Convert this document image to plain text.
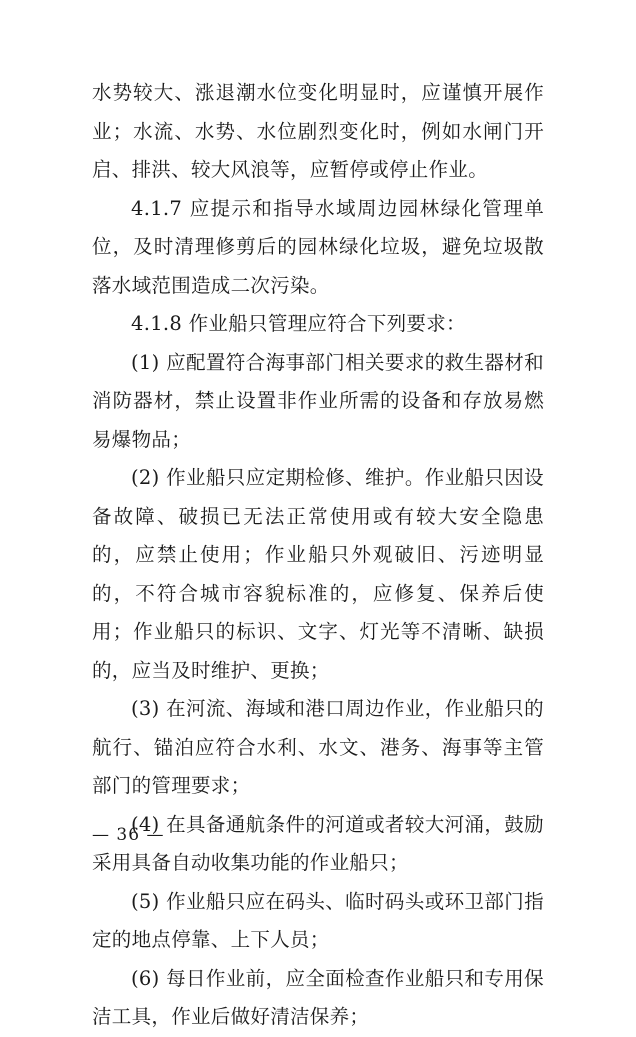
水势较大、涨退潮水位变化明显时，应谨慎开展作业；水流、水势、水位剧烈变化时，例如水闸门开启、排洪、较大风浪等，应暂停或停止作业。

4.1.7 应提示和指导水域周边园林绿化管理单位，及时清理修剪后的园林绿化垃圾，避免垃圾散落水域范围造成二次污染。

4.1.8 作业船只管理应符合下列要求：

(1) 应配置符合海事部门相关要求的救生器材和消防器材，禁止设置非作业所需的设备和存放易燃易爆物品；

(2) 作业船只应定期检修、维护。作业船只因设备故障、破损已无法正常使用或有较大安全隐患的，应禁止使用；作业船只外观破旧、污迹明显的，不符合城市容貌标准的，应修复、保养后使用；作业船只的标识、文字、灯光等不清晰、缺损的，应当及时维护、更换；

(3) 在河流、海域和港口周边作业，作业船只的航行、锚泊应符合水利、水文、港务、海事等主管部门的管理要求；

(4) 在具备通航条件的河道或者较大河涌，鼓励采用具备自动收集功能的作业船只；

(5) 作业船只应在码头、临时码头或环卫部门指定的地点停靠、上下人员；

(6) 每日作业前，应全面检查作业船只和专用保洁工具，作业后做好清洁保养；

— 36 —
